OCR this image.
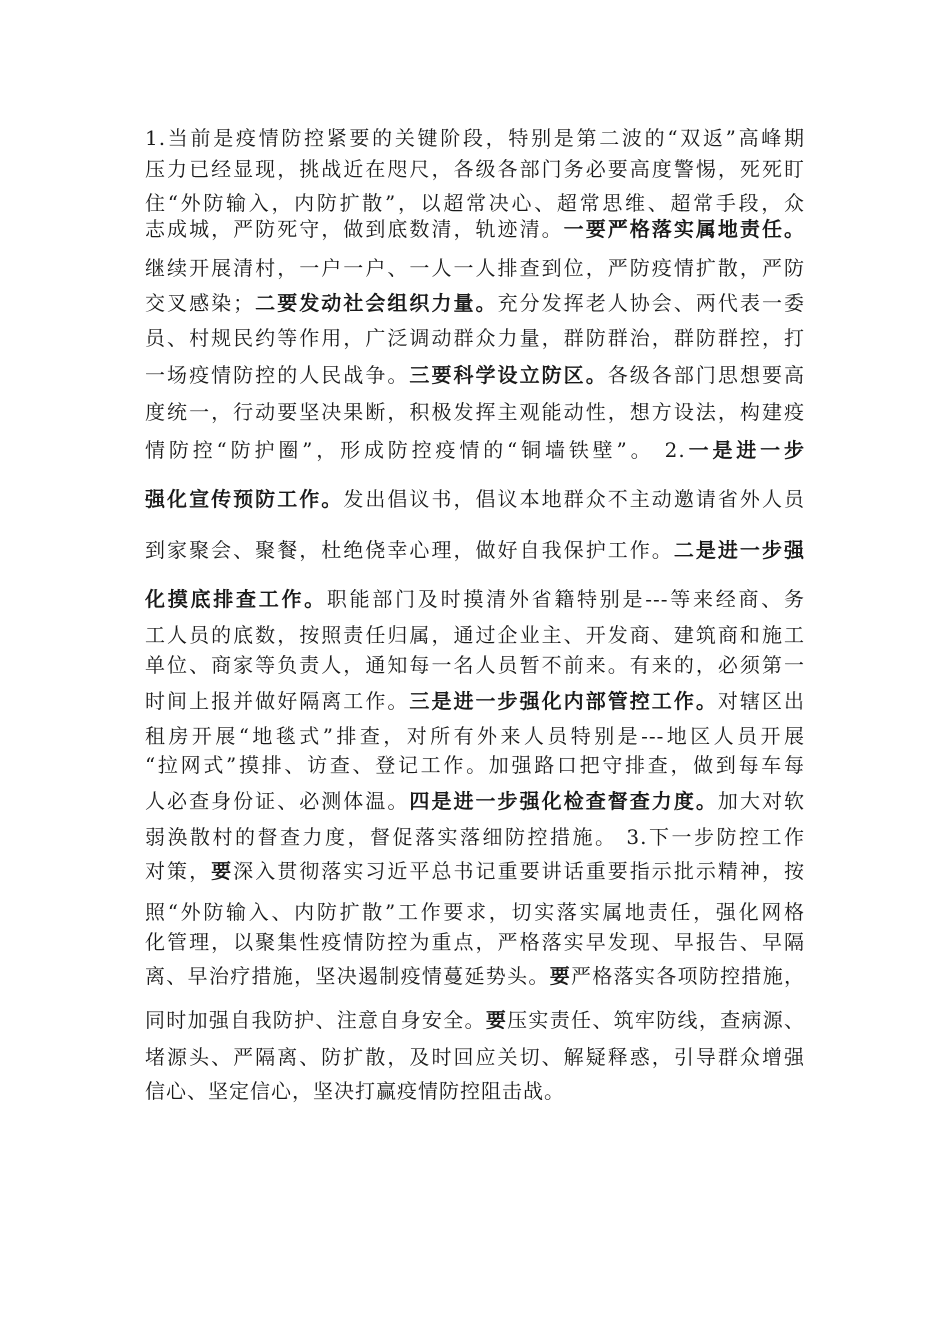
1.当前是疫情防控紧要的关键阶段，特别是第二波的“双返”高峰期
压力已经显现，挑战近在咫尺，各级各部门务必要高度警惕，死死盯
住“外防输入，内防扩散”，以超常决心、超常思维、超常手段，众
志成城，严防死守，做到底数清，轨迹清。一要严格落实属地责任。
继续开展清村，一户一户、一人一人排查到位，严防疫情扩散，严防
交叉感染；二要发动社会组织力量。充分发挥老人协会、两代表一委
员、村规民约等作用，广泛调动群众力量，群防群治，群防群控，打
一场疫情防控的人民战争。三要科学设立防区。各级各部门思想要高
度统一，行动要坚决果断，积极发挥主观能动性，想方设法，构建疫
情防控“防护圈”，形成防控疫情的“铜墙铁壁”。 2.一是进一步
强化宣传预防工作。发出倡议书，倡议本地群众不主动邀请省外人员
到家聚会、聚餐，杜绝侥幸心理，做好自我保护工作。二是进一步强
化摸底排查工作。职能部门及时摸清外省籍特别是---等来经商、务
工人员的底数，按照责任归属，通过企业主、开发商、建筑商和施工
单位、商家等负责人，通知每一名人员暂不前来。有来的，必须第一
时间上报并做好隔离工作。三是进一步强化内部管控工作。对辖区出
租房开展“地毯式”排查，对所有外来人员特别是---地区人员开展
“拉网式”摸排、访查、登记工作。加强路口把守排查，做到每车每
人必查身份证、必测体温。四是进一步强化检查督查力度。加大对软
弱涣散村的督查力度，督促落实落细防控措施。 3.下一步防控工作
对策，要深入贯彻落实习近平总书记重要讲话重要指示批示精神，按
照“外防输入、内防扩散”工作要求，切实落实属地责任，强化网格
化管理，以聚集性疫情防控为重点，严格落实早发现、早报告、早隔
离、早治疗措施，坚决遏制疫情蔓延势头。要严格落实各项防控措施，
同时加强自我防护、注意自身安全。要压实责任、筑牢防线，查病源、
堵源头、严隔离、防扩散，及时回应关切、解疑释惑，引导群众增强
信心、坚定信心，坚决打赢疫情防控阻击战。
